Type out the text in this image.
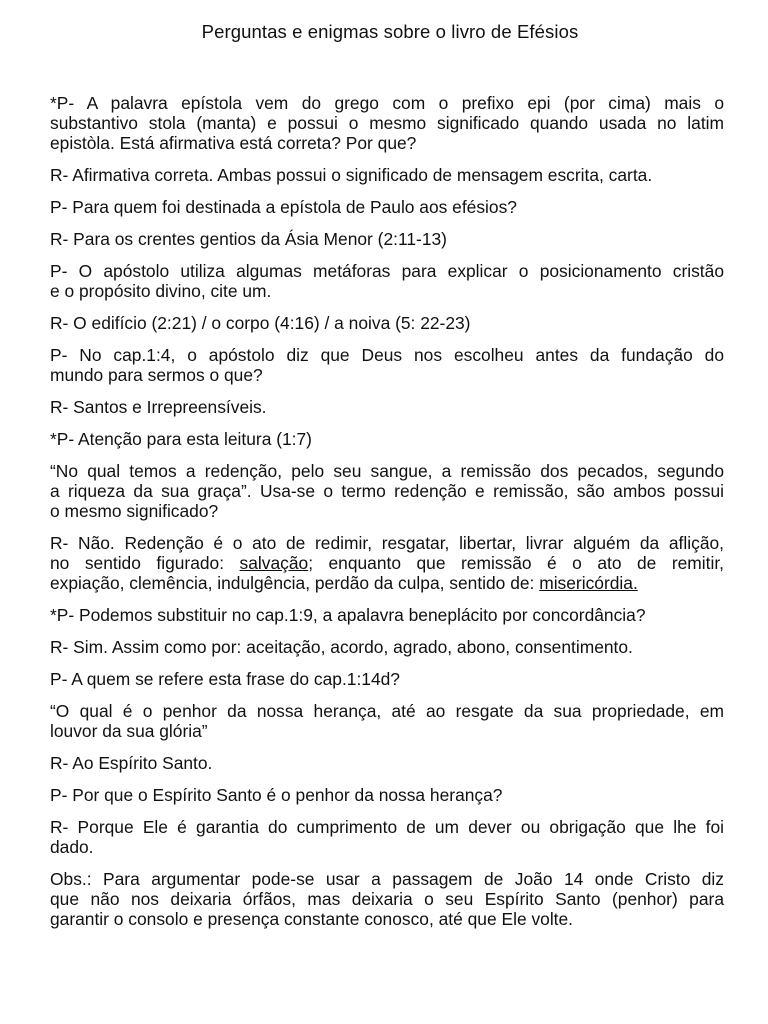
Perguntas e enigmas sobre o livro de Efésios
*P- A palavra epístola vem do grego com o prefixo epi (por cima) mais o
substantivo stola (manta) e possui o mesmo significado quando usada no latim
epistòla. Está afirmativa está correta? Por que?
R- Afirmativa correta. Ambas possui o significado de mensagem escrita, carta.
P- Para quem foi destinada a epístola de Paulo aos efésios?
R- Para os crentes gentios da Ásia Menor (2:11-13)
P- O apóstolo utiliza algumas metáforas para explicar o posicionamento cristão
e o propósito divino, cite um.
R- O edifício (2:21) / o corpo (4:16) / a noiva (5: 22-23)
P- No cap.1:4, o apóstolo diz que Deus nos escolheu antes da fundação do
mundo para sermos o que?
R- Santos e Irrepreensíveis.
*P- Atenção para esta leitura (1:7)
“No qual temos a redenção, pelo seu sangue, a remissão dos pecados, segundo
a riqueza da sua graça”. Usa-se o termo redenção e remissão, são ambos possui
o mesmo significado?
R- Não. Redenção é o ato de redimir, resgatar, libertar, livrar alguém da aflição,
no sentido figurado: salvação; enquanto que remissão é o ato de remitir,
expiação, clemência, indulgência, perdão da culpa, sentido de: misericórdia.
*P- Podemos substituir no cap.1:9, a apalavra beneplácito por concordância?
R- Sim. Assim como por: aceitação, acordo, agrado, abono, consentimento.
P- A quem se refere esta frase do cap.1:14d?
“O qual é o penhor da nossa herança, até ao resgate da sua propriedade, em
louvor da sua glória”
R- Ao Espírito Santo.
P- Por que o Espírito Santo é o penhor da nossa herança?
R- Porque Ele é garantia do cumprimento de um dever ou obrigação que lhe foi
dado.
Obs.: Para argumentar pode-se usar a passagem de João 14 onde Cristo diz
que não nos deixaria órfãos, mas deixaria o seu Espírito Santo (penhor) para
garantir o consolo e presença constante conosco, até que Ele volte.
